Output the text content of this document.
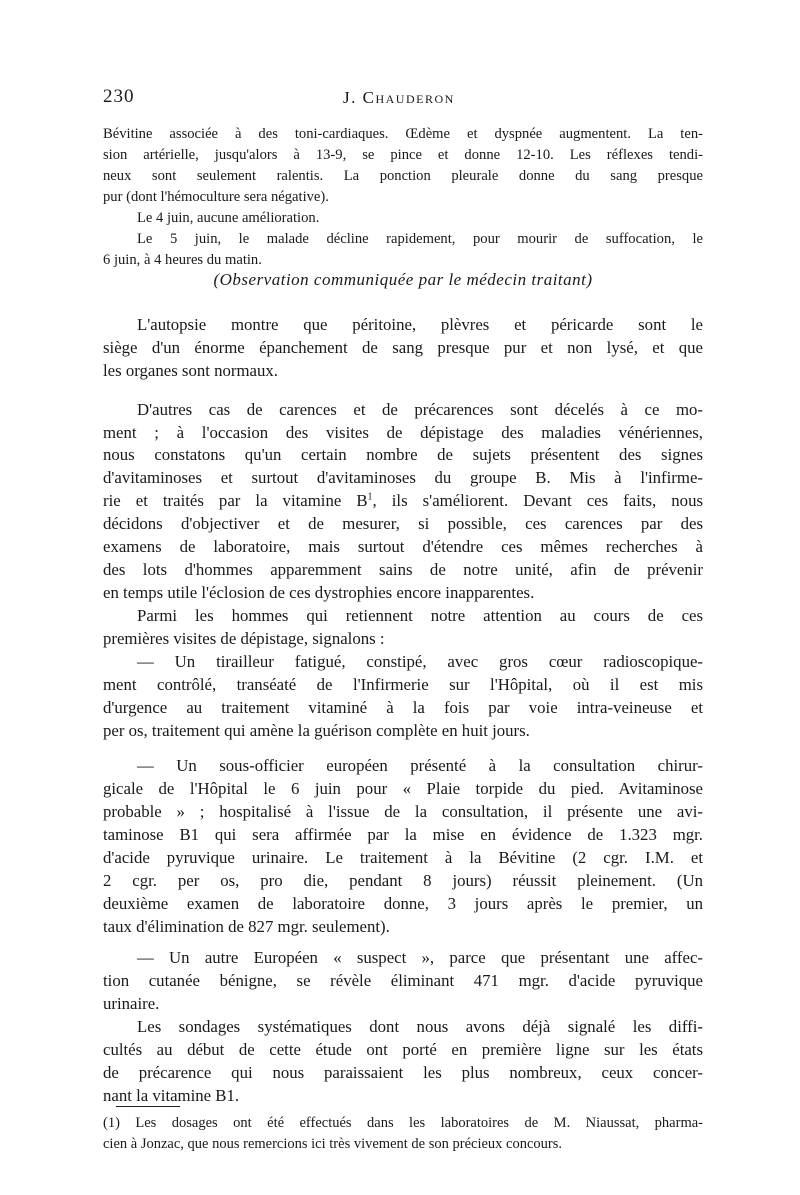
230	J. Chauderon
Bévitine associée à des toni-cardiaques. Œdème et dyspnée augmentent. La ten-
sion artérielle, jusqu'alors à 13-9, se pince et donne 12-10. Les réflexes tendi-
neux sont seulement ralentis. La ponction pleurale donne du sang presque
pur (dont l'hémoculture sera négative).
Le 4 juin, aucune amélioration.
Le 5 juin, le malade décline rapidement, pour mourir de suffocation, le
6 juin, à 4 heures du matin.
(Observation communiquée par le médecin traitant)
L'autopsie montre que péritoine, plèvres et péricarde sont le
siège d'un énorme épanchement de sang presque pur et non lysé, et que
les organes sont normaux.
D'autres cas de carences et de précarences sont décelés à ce mo-
ment ; à l'occasion des visites de dépistage des maladies vénériennes,
nous constatons qu'un certain nombre de sujets présentent des signes
d'avitaminoses et surtout d'avitaminoses du groupe B. Mis à l'infirme-
rie et traités par la vitamine $B^1$, ils s'améliorent. Devant ces faits, nous
décidons d'objectiver et de mesurer, si possible, ces carences par des
examens de laboratoire, mais surtout d'étendre ces mêmes recherches à
des lots d'hommes apparemment sains de notre unité, afin de prévenir
en temps utile l'éclosion de ces dystrophies encore inapparentes.
Parmi les hommes qui retiennent notre attention au cours de ces
premières visites de dépistage, signalons :
— Un tirailleur fatigué, constipé, avec gros cœur radioscopique-
ment contrôlé, transéaté de l'Infirmerie sur l'Hôpital, où il est mis
d'urgence au traitement vitaminé à la fois par voie intra-veineuse et
per os, traitement qui amène la guérison complète en huit jours.
— Un sous-officier européen présenté à la consultation chirur-
gicale de l'Hôpital le 6 juin pour « Plaie torpide du pied. Avitaminose
probable » ; hospitalisé à l'issue de la consultation, il présente une avi-
taminose B1 qui sera affirmée par la mise en évidence de 1.323 mgr.
d'acide pyruvique urinaire. Le traitement à la Bévitine (2 cgr. I.M. et
2 cgr. per os, pro die, pendant 8 jours) réussit pleinement. (Un
deuxième examen de laboratoire donne, 3 jours après le premier, un
taux d'élimination de 827 mgr. seulement).
— Un autre Européen « suspect », parce que présentant une affec-
tion cutanée bénigne, se révèle éliminant 471 mgr. d'acide pyruvique
urinaire.
Les sondages systématiques dont nous avons déjà signalé les diffi-
cultés au début de cette étude ont porté en première ligne sur les états
de précarence qui nous paraissaient les plus nombreux, ceux concer-
nant la vitamine B1.
(1) Les dosages ont été effectués dans les laboratoires de M. Niaussat, pharma-
cien à Jonzac, que nous remercions ici très vivement de son précieux concours.
